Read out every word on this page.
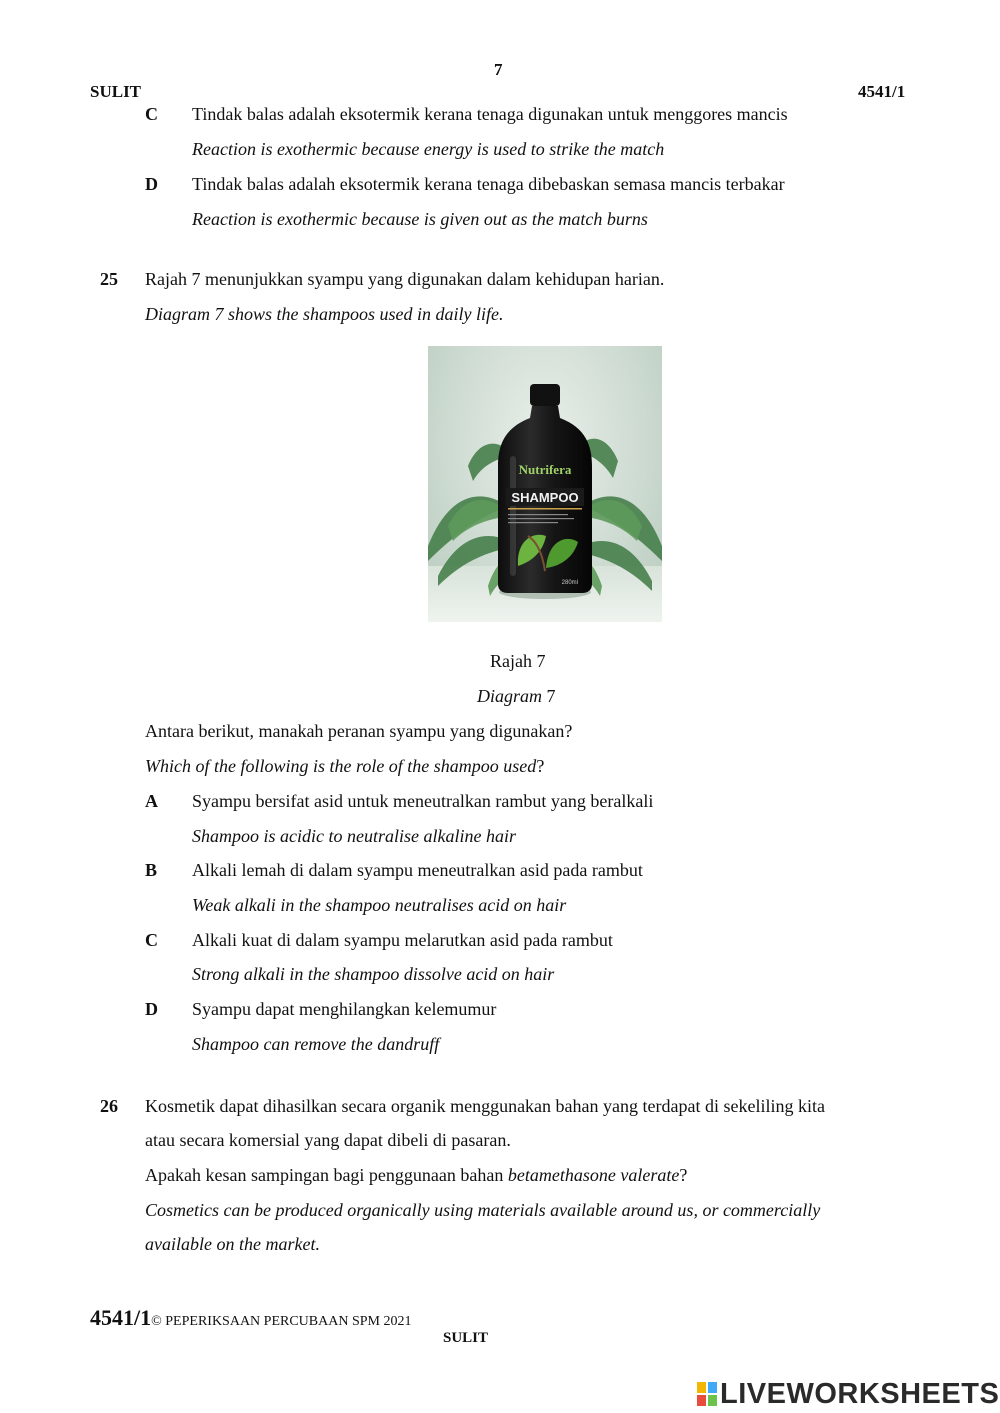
7
SULIT	4541/1
C Tindak balas adalah eksotermik kerana tenaga digunakan untuk menggores mancis
Reaction is exothermic because energy is used to strike the match
D Tindak balas adalah eksotermik kerana tenaga dibebaskan semasa mancis terbakar
Reaction is exothermic because is given out as the match burns
25 Rajah 7 menunjukkan syampu yang digunakan dalam kehidupan harian.
Diagram 7 shows the shampoos used in daily life.
Nutrifera
SHAMPOO
280ml
Rajah 7
Diagram 7
Antara berikut, manakah peranan syampu yang digunakan?
Which of the following is the role of the shampoo used?
A Syampu bersifat asid untuk meneutralkan rambut yang beralkali
Shampoo is acidic to neutralise alkaline hair
B Alkali lemah di dalam syampu meneutralkan asid pada rambut
Weak alkali in the shampoo neutralises acid on hair
C Alkali kuat di dalam syampu melarutkan asid pada rambut
Strong alkali in the shampoo dissolve acid on hair
D Syampu dapat menghilangkan kelemumur
Shampoo can remove the dandruff
26 Kosmetik dapat dihasilkan secara organik menggunakan bahan yang terdapat di sekeliling kita
atau secara komersial yang dapat dibeli di pasaran.
Apakah kesan sampingan bagi penggunaan bahan betamethasone valerate?
Cosmetics can be produced organically using materials available around us, or commercially
available on the market.
4541/1© PEPERIKSAAN PERCUBAAN SPM 2021
SULIT
LIVEWORKSHEETS
